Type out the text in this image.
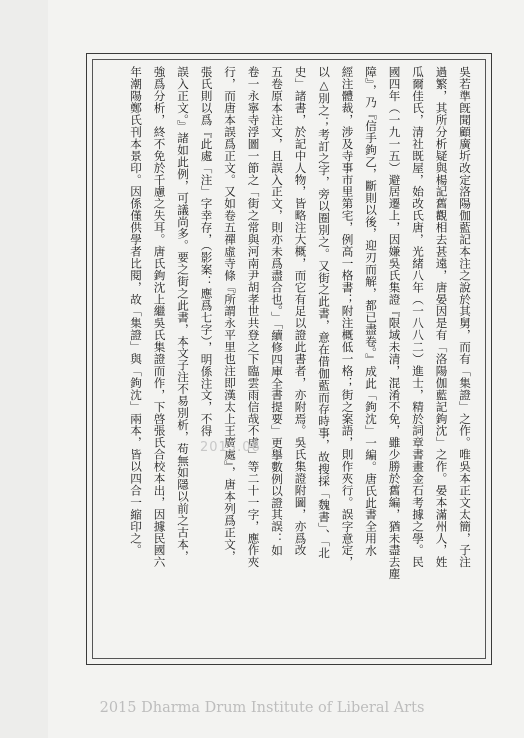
吳若準旣聞顧廣圻改定洛陽伽藍記本注之說於其舅，而有「集證」之作。唯吳本正文太簡，子注
過繁，其所分析疑與楊記舊觀相去甚遠，唐晏因是有「洛陽伽藍記鉤沈」之作。晏本滿州人，姓
瓜爾佳氏，清社既屋，始改氏唐，光緒八年（一八八二）進士，精於詞章書畫金石考據之學。民
國四年（一九一五）避居遷上，因嫌吳氏集證『限域未清，混淆不免，雖少勝於舊編，猶未盡去塵
障』，乃『信手鉤乙，斷則以後，迎刃而解，都已盡卷。』成此「鉤沈」一編。唐氏此書全用水
經注體裁，涉及寺事市里第宅，例高一格書；附注概低一格；街之案語，則作夾行。誤字意定，
以△別之；考訂之字，旁以圈別之。又街之此書，意在借伽藍而存時事，故搜採「魏書」、「北
史」諸書，於記中人物，皆略注大概，而它有足以證此書者，亦附焉。吳氏集證附圖，亦爲改
五卷原本注文，且誤入正文，則亦未爲盡合也。」「續修四庫全書提要」更擧數例以證其誤：如
卷一永寧寺浮圖一節之「街之常與河南尹胡孝世共登之下臨雲雨信哉不虛」等二十一字，應作夾
行，而唐本誤爲正文。又如卷五禪虛寺條『所謂永平里也注即漢太上王廣處』，唐本列爲正文，
張氏則以爲『此處「注」字幸存，（影案：應爲七字），明係注文，不得
誤入正文。』諸如此例，可議尚多。要之街之此書，本文子注不易別析，苟無如隱以前之古本，
強爲分析，終不免於千慮之失耳。唐氏鉤沈上繼吳氏集證而作，下啓張氏合校本出，因據民國六
年潮陽鄭氏刊本景印。因係僅供學者比閱，故「集證」與「鉤沈」兩本，皆以四合一縮印之。	2015.06
2015 Dharma Drum Institute of Liberal Arts
